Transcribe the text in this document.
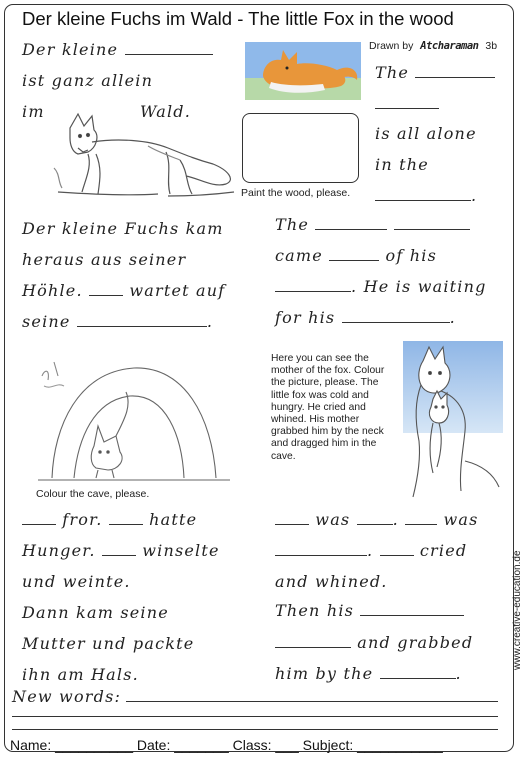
Der kleine Fuchs im Wald - The little Fox in the wood
Der kleine
ist ganz allein
im	Wald.
Drawn by Atcharaman 3b
The
is all alone
in the
.
Paint the wood, please.
Der kleine Fuchs kam
heraus aus seiner
Höhle.	wartet auf
seine	.
The
came	of his
. He is waiting
for his	.
Colour the cave, please.
Here you can see the mother of the fox. Colour the picture, please. The little fox was cold and hungry. He cried and whined. His mother grabbed him by the neck and dragged him in the cave.
fror.	hatte
Hunger.	winselte
und weinte.
Dann kam seine
Mutter und packte
ihn am Hals.
was	.	was
.	cried
and whined.
Then his
and grabbed
him by the	.
New words:
Name: __________ Date: _______ Class: ___ Subject: ___________
www.creative-education.de
